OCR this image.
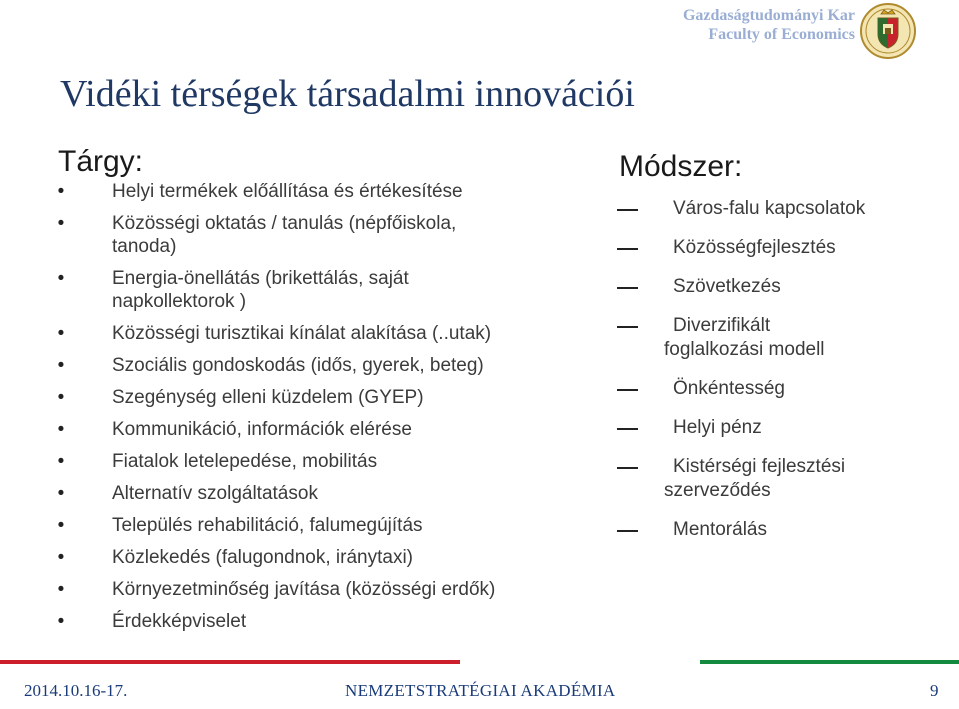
Gazdaságtudományi Kar
Faculty of Economics
Vidéki térségek társadalmi innovációi
Tárgy:
•	Helyi termékek előállítása és értékesítése
•	Közösségi oktatás / tanulás (népfőiskola,
tanoda)
•	Energia-önellátás (brikettálás, saját
napkollektorok )
•	Közösségi turisztikai kínálat alakítása (..utak)
•	Szociális gondoskodás (idős, gyerek, beteg)
•	Szegénység elleni küzdelem (GYEP)
•	Kommunikáció, információk elérése
•	Fiatalok letelepedése, mobilitás
•	Alternatív szolgáltatások
•	Település rehabilitáció, falumegújítás
•	Közlekedés (falugondnok, iránytaxi)
•	Környezetminőség javítása (közösségi erdők)
•	Érdekképviselet
Módszer:
Város-falu kapcsolatok
Közösségfejlesztés
Szövetkezés
Diverzifikált
foglalkozási modell
Önkéntesség
Helyi pénz
Kistérségi fejlesztési
szerveződés
Mentorálás
2014.10.16-17.	NEMZETSTRATÉGIAI AKADÉMIA	9
